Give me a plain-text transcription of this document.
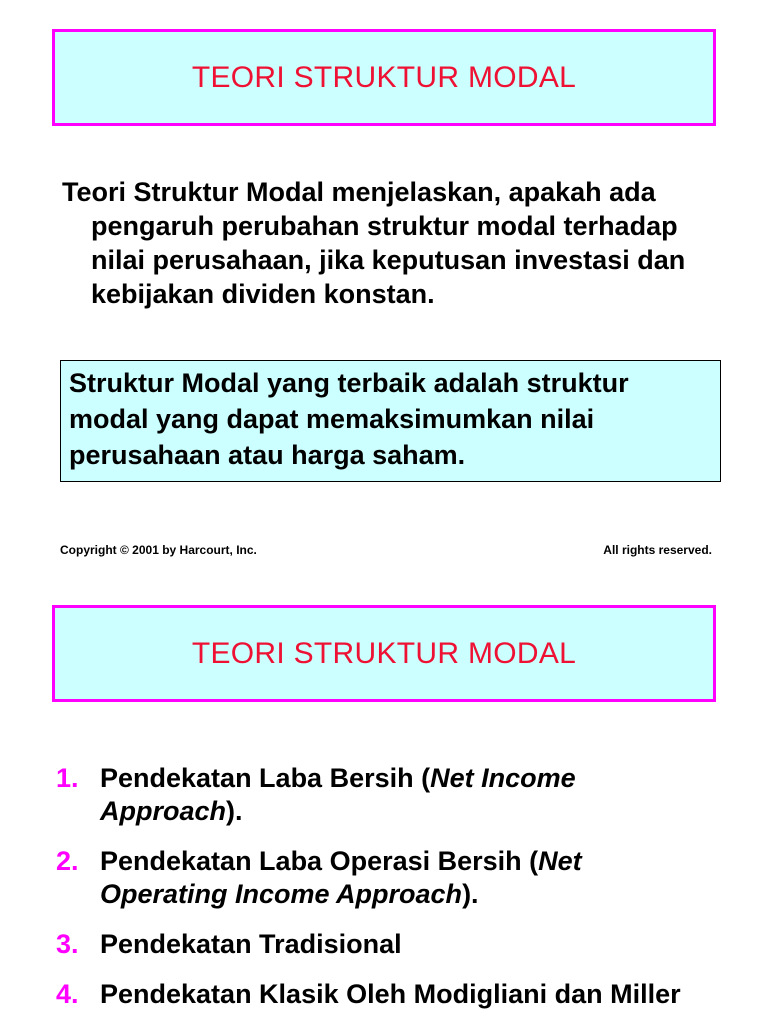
TEORI STRUKTUR MODAL

Teori Struktur Modal menjelaskan, apakah ada pengaruh perubahan struktur modal terhadap nilai perusahaan, jika keputusan investasi dan kebijakan dividen konstan.

Struktur Modal yang terbaik adalah struktur modal yang dapat memaksimumkan nilai perusahaan atau harga saham.

Copyright © 2001 by Harcourt, Inc.	All rights reserved.
TEORI STRUKTUR MODAL
1. Pendekatan Laba Bersih (Net Income Approach).
2. Pendekatan Laba Operasi Bersih (Net Operating Income Approach).
3. Pendekatan Tradisional
4. Pendekatan Klasik Oleh Modigliani dan Miller
